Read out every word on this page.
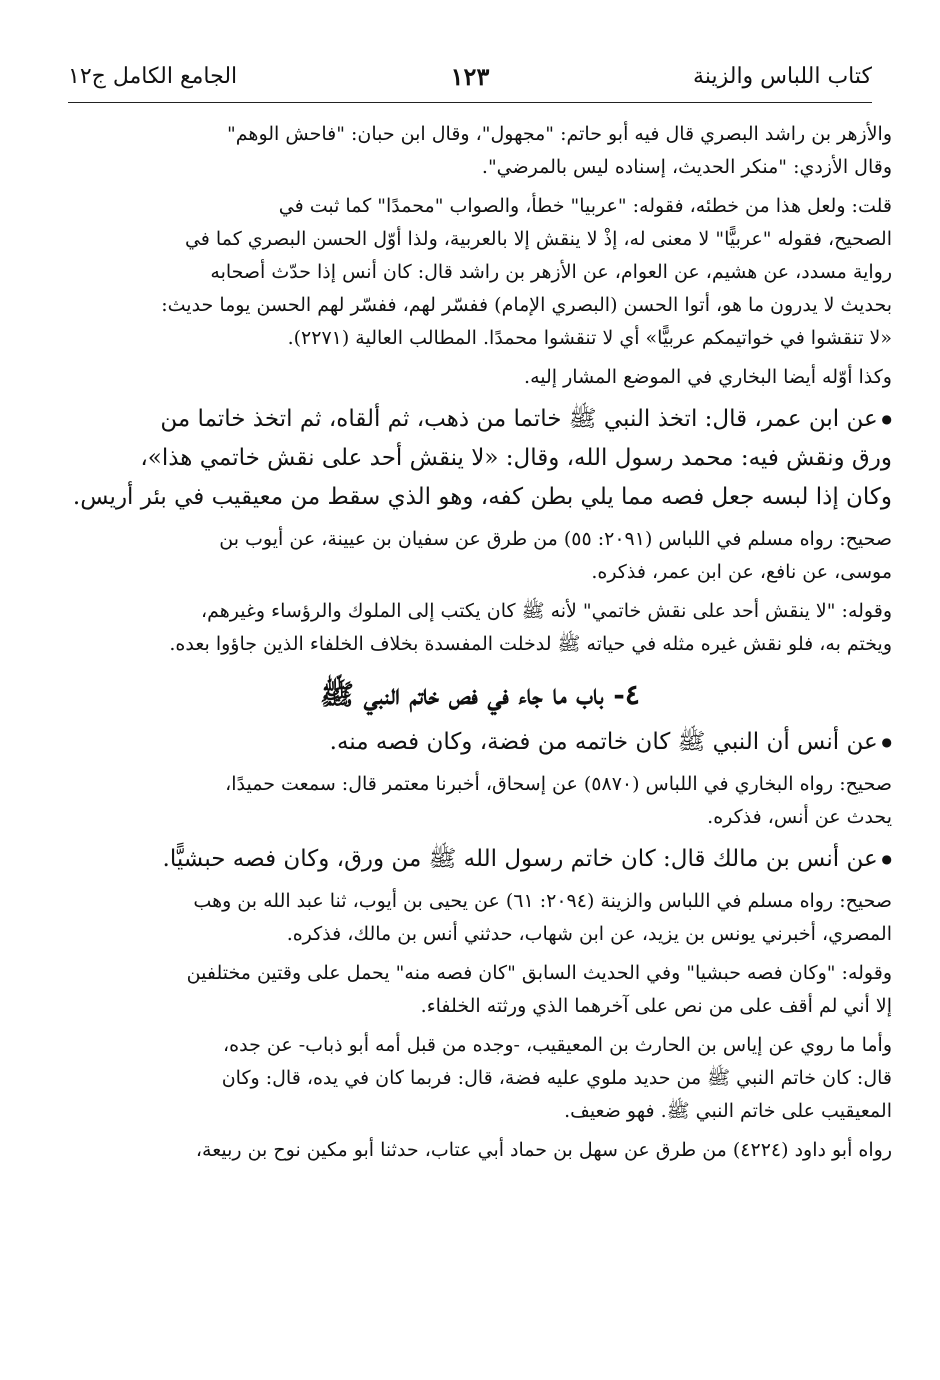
كتاب اللباس والزينة
١٢٣
الجامع الكامل ج١٢
والأزهر بن راشد البصري قال فيه أبو حاتم: "مجهول"، وقال ابن حبان: "فاحش الوهم"
وقال الأزدي: "منكر الحديث، إسناده ليس بالمرضي".
قلت: ولعل هذا من خطئه، فقوله: "عربيا" خطأ، والصواب "محمدًا" كما ثبت في
الصحيح، فقوله "عربيًّا" لا معنى له، إذْ لا ينقش إلا بالعربية، ولذا أوّل الحسن البصري كما في
رواية مسدد، عن هشيم، عن العوام، عن الأزهر بن راشد قال: كان أنس إذا حدّث أصحابه
بحديث لا يدرون ما هو، أتوا الحسن (البصري الإمام) ففسّر لهم، ففسّر لهم الحسن يوما حديث:
«لا تنقشوا في خواتيمكم عربيًّا» أي لا تنقشوا محمدًا. المطالب العالية (٢٢٧١).
وكذا أوّله أيضا البخاري في الموضع المشار إليه.
● عن ابن عمر، قال: اتخذ النبي ﷺ خاتما من ذهب، ثم ألقاه، ثم اتخذ خاتما من
ورق ونقش فيه: محمد رسول الله، وقال: «لا ينقش أحد على نقش خاتمي هذا»،
وكان إذا لبسه جعل فصه مما يلي بطن كفه، وهو الذي سقط من معيقيب في بئر أريس.
صحيح: رواه مسلم في اللباس (٢٠٩١: ٥٥) من طرق عن سفيان بن عيينة، عن أيوب بن
موسى، عن نافع، عن ابن عمر، فذكره.
وقوله: "لا ينقش أحد على نقش خاتمي" لأنه ﷺ كان يكتب إلى الملوك والرؤساء وغيرهم،
ويختم به، فلو نقش غيره مثله في حياته ﷺ لدخلت المفسدة بخلاف الخلفاء الذين جاؤوا بعده.
٤- باب ما جاء في فص خاتم النبي ﷺ
● عن أنس أن النبي ﷺ كان خاتمه من فضة، وكان فصه منه.
صحيح: رواه البخاري في اللباس (٥٨٧٠) عن إسحاق، أخبرنا معتمر قال: سمعت حميدًا،
يحدث عن أنس، فذكره.
● عن أنس بن مالك قال: كان خاتم رسول الله ﷺ من ورق، وكان فصه حبشيًّا.
صحيح: رواه مسلم في اللباس والزينة (٢٠٩٤: ٦١) عن يحيى بن أيوب، ثنا عبد الله بن وهب
المصري، أخبرني يونس بن يزيد، عن ابن شهاب، حدثني أنس بن مالك، فذكره.
وقوله: "وكان فصه حبشيا" وفي الحديث السابق "كان فصه منه" يحمل على وقتين مختلفين
إلا أني لم أقف على من نص على آخرهما الذي ورثته الخلفاء.
وأما ما روي عن إياس بن الحارث بن المعيقيب، -وجده من قبل أمه أبو ذباب- عن جده،
قال: كان خاتم النبي ﷺ من حديد ملوي عليه فضة، قال: فربما كان في يده، قال: وكان
المعيقيب على خاتم النبي ﷺ. فهو ضعيف.
رواه أبو داود (٤٢٢٤) من طرق عن سهل بن حماد أبي عتاب، حدثنا أبو مكين نوح بن ربيعة،
